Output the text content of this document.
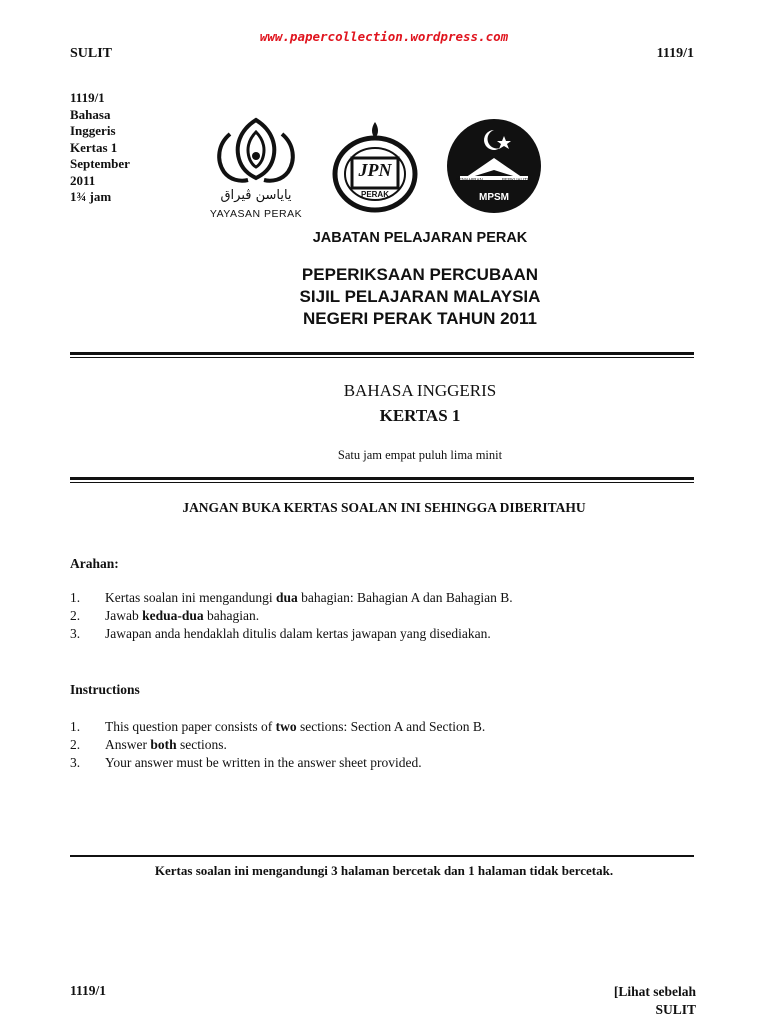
www.papercollection.wordpress.com
SULIT	1119/1
1119/1
Bahasa
Inggeris
Kertas 1
September
2011
1¾ jam	ياياسن ڤيراق
YAYASAN PERAK
JPN
PERAK
KEMAHIRAN	BERKUALITI
MPSM
JABATAN PELAJARAN PERAK
PEPERIKSAAN PERCUBAAN
SIJIL PELAJARAN MALAYSIA
NEGERI PERAK TAHUN 2011
BAHASA INGGERIS
KERTAS 1
Satu jam empat puluh lima minit
JANGAN BUKA KERTAS SOALAN INI SEHINGGA DIBERITAHU
Arahan:
1. Kertas soalan ini mengandungi dua bahagian: Bahagian A dan Bahagian B.
2. Jawab kedua-dua bahagian.
3. Jawapan anda hendaklah ditulis dalam kertas jawapan yang disediakan.
Instructions
1. This question paper consists of two sections: Section A and Section B.
2. Answer both sections.
3. Your answer must be written in the answer sheet provided.
Kertas soalan ini mengandungi 3 halaman bercetak dan 1 halaman tidak bercetak.
1119/1	[Lihat sebelah
SULIT
